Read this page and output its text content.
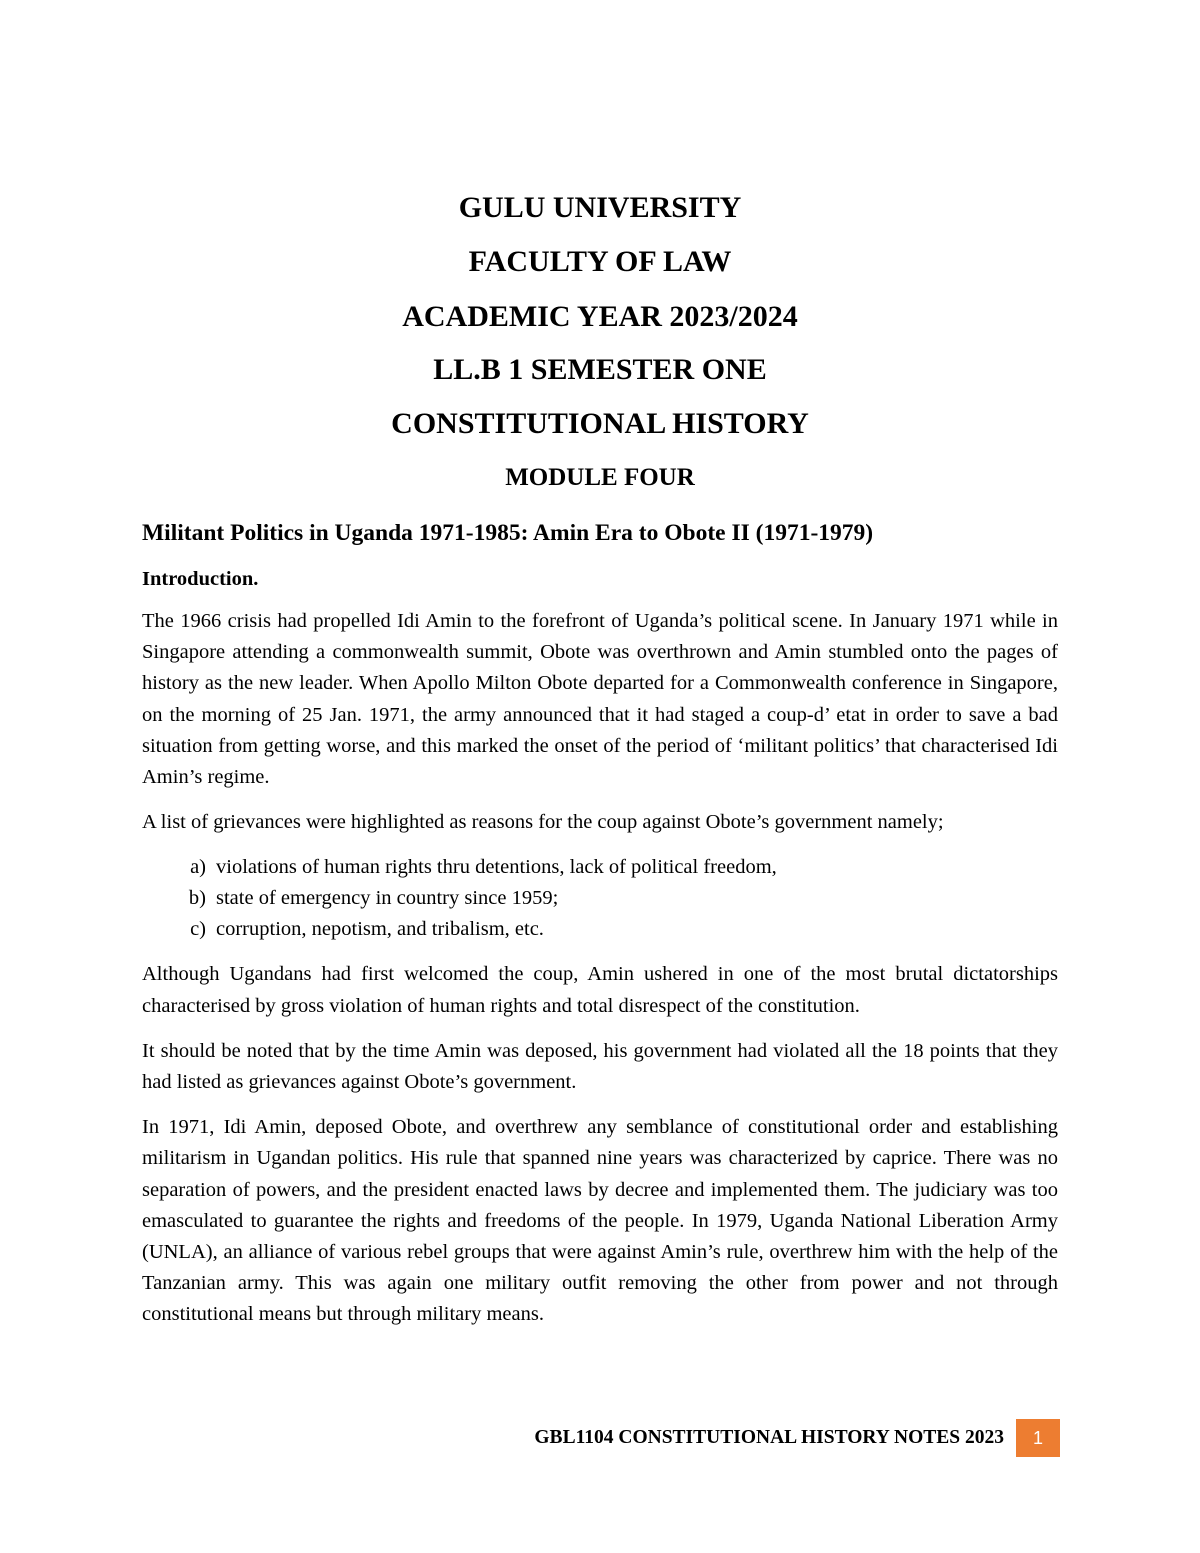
GULU UNIVERSITY
FACULTY OF LAW
ACADEMIC YEAR 2023/2024
LL.B 1 SEMESTER ONE
CONSTITUTIONAL HISTORY
MODULE FOUR
Militant Politics in Uganda 1971-1985: Amin Era to Obote II (1971-1979)
Introduction.

The 1966 crisis had propelled Idi Amin to the forefront of Uganda’s political scene. In January 1971 while in Singapore attending a commonwealth summit, Obote was overthrown and Amin stumbled onto the pages of history as the new leader. When Apollo Milton Obote departed for a Commonwealth conference in Singapore, on the morning of 25 Jan. 1971, the army announced that it had staged a coup-d’ etat in order to save a bad situation from getting worse, and this marked the onset of the period of ‘militant politics’ that characterised Idi Amin’s regime.

A list of grievances were highlighted as reasons for the coup against Obote’s government namely;

a) violations of human rights thru detentions, lack of political freedom,
b) state of emergency in country since 1959;
c) corruption, nepotism, and tribalism, etc.

Although Ugandans had first welcomed the coup, Amin ushered in one of the most brutal dictatorships characterised by gross violation of human rights and total disrespect of the constitution.

It should be noted that by the time Amin was deposed, his government had violated all the 18 points that they had listed as grievances against Obote’s government.

In 1971, Idi Amin, deposed Obote, and overthrew any semblance of constitutional order and establishing militarism in Ugandan politics. His rule that spanned nine years was characterized by caprice. There was no separation of powers, and the president enacted laws by decree and implemented them. The judiciary was too emasculated to guarantee the rights and freedoms of the people. In 1979, Uganda National Liberation Army (UNLA), an alliance of various rebel groups that were against Amin’s rule, overthrew him with the help of the Tanzanian army. This was again one military outfit removing the other from power and not through constitutional means but through military means.

GBL1104 CONSTITUTIONAL HISTORY NOTES 2023	1
